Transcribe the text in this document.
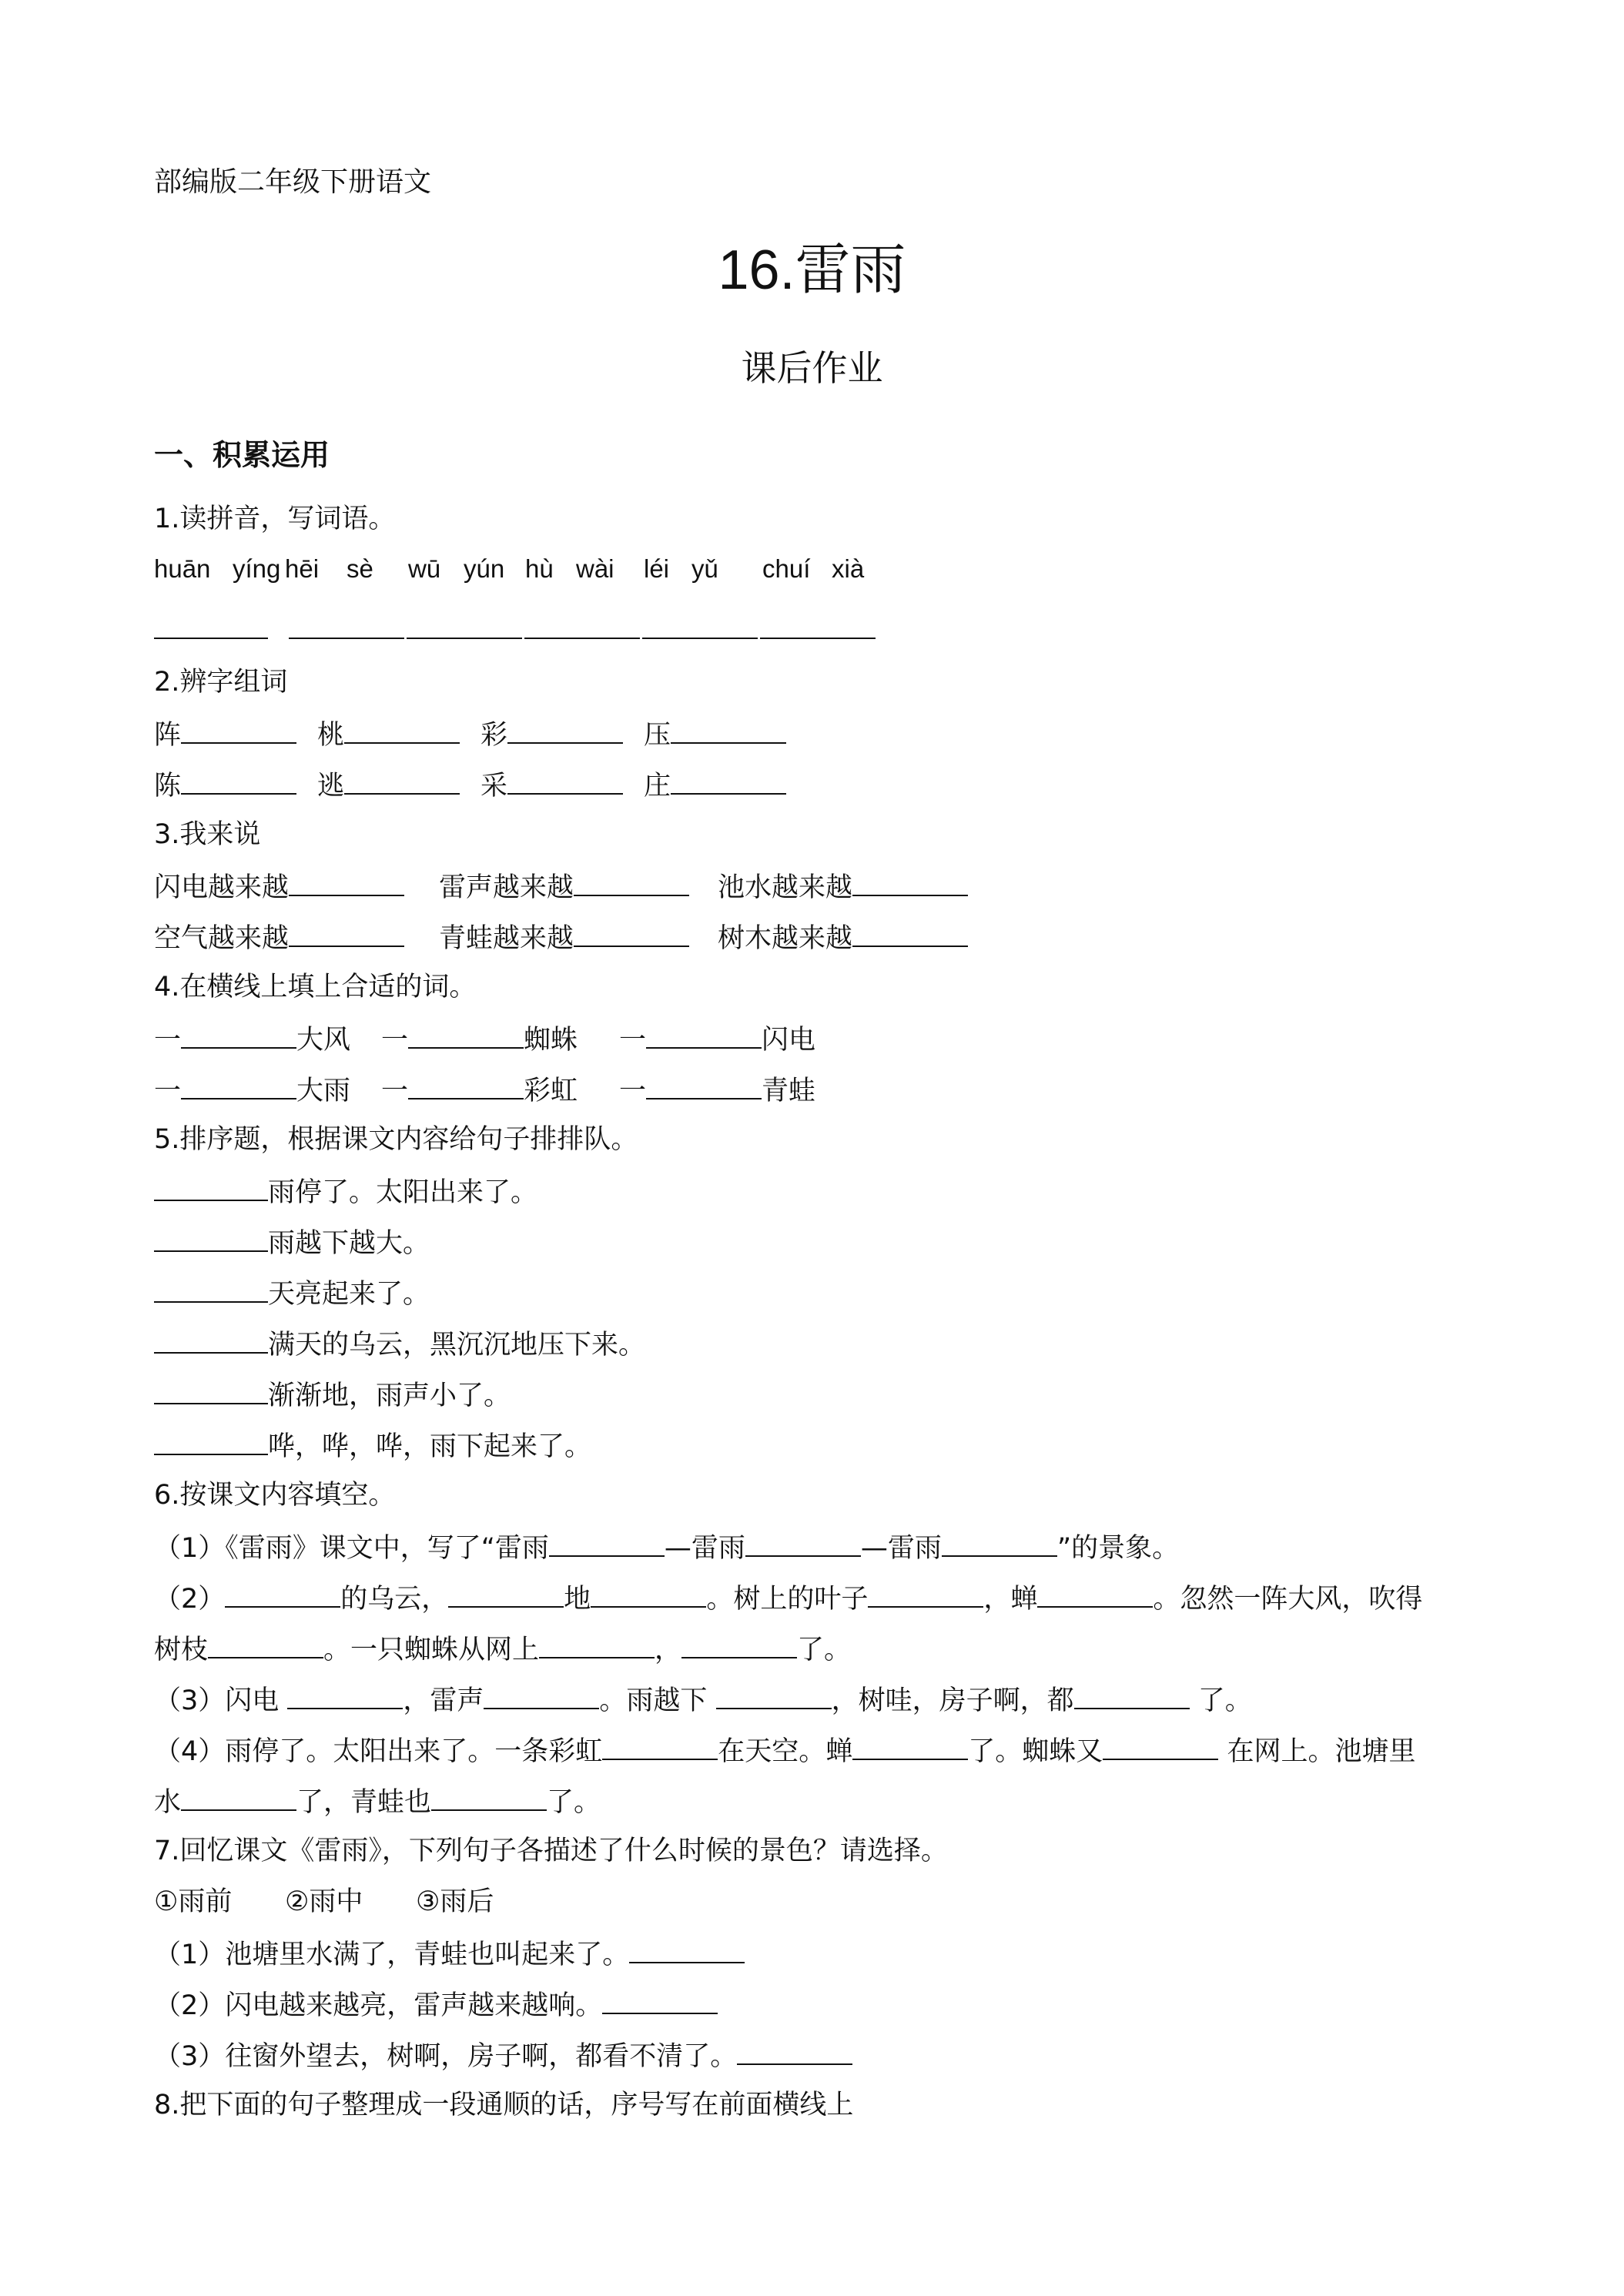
部编版二年级下册语文
16.雷雨
课后作业
一、积累运用
1.读拼音，写词语。
huān yíng hēi sè wū yún hù wài léi yǔ chuí xià
2.辨字组词
阵	桃	彩	压
陈	逃	采	庄
3.我来说
闪电越来越	雷声越来越	池水越来越
空气越来越	青蛙越来越	树木越来越
4.在横线上填上合适的词。
一	大风 一	蜘蛛 一	闪电
一	大雨 一	彩虹 一	青蛙
5.排序题，根据课文内容给句子排排队。
雨停了。太阳出来了。
雨越下越大。
天亮起来了。
满天的乌云，黑沉沉地压下来。
渐渐地，雨声小了。
哗，哗，哗，雨下起来了。
6.按课文内容填空。
（1）《雷雨》课文中，写了“雷雨	—雷雨	—雷雨	”的景象。
（2）	的乌云，	地	。树上的叶子	，蝉	。忽然一阵大风，吹得
树枝	。一只蜘蛛从网上	，	了。
（3）闪电	，雷声	。雨越下	，树哇，房子啊，都	了。
（4）雨停了。太阳出来了。一条彩虹	在天空。蝉	了。蜘蛛又	在网上。池塘里
水	了，青蛙也	了。
7.回忆课文《雷雨》，下列句子各描述了什么时候的景色？请选择。
①雨前 ②雨中 ③雨后
（1）池塘里水满了，青蛙也叫起来了。
（2）闪电越来越亮，雷声越来越响。
（3）往窗外望去，树啊，房子啊，都看不清了。
8.把下面的句子整理成一段通顺的话，序号写在前面横线上
